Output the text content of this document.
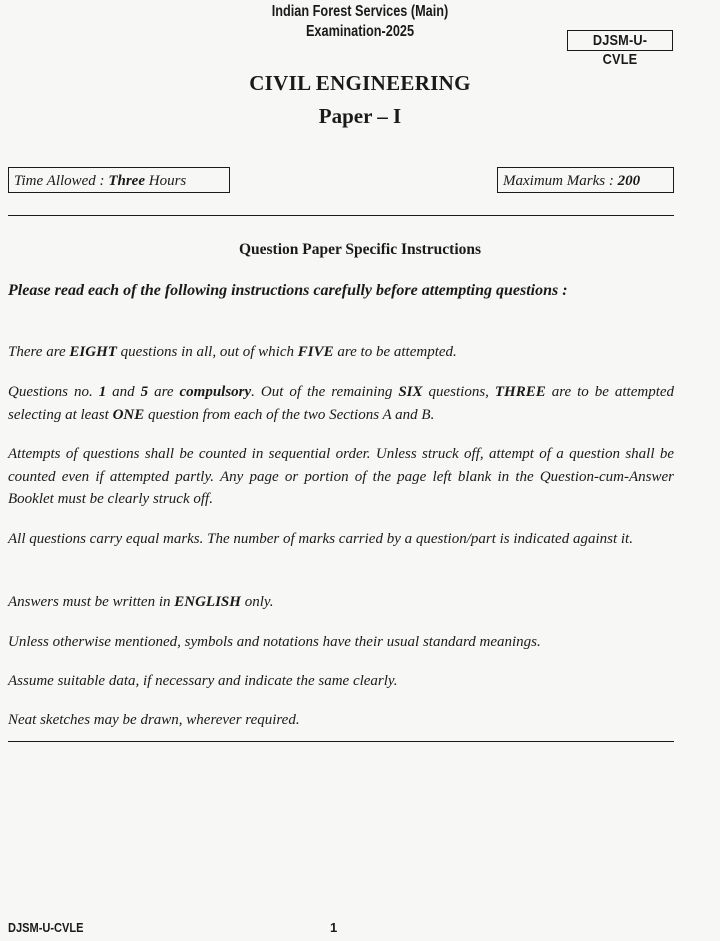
Indian Forest Services (Main)
Examination-2025
DJSM-U-CVLE
CIVIL ENGINEERING
Paper – I
Time Allowed : Three Hours	Maximum Marks : 200
Question Paper Specific Instructions
Please read each of the following instructions carefully before attempting questions :
There are EIGHT questions in all, out of which FIVE are to be attempted.
Questions no. 1 and 5 are compulsory. Out of the remaining SIX questions, THREE are to be attempted selecting at least ONE question from each of the two Sections A and B.
Attempts of questions shall be counted in sequential order. Unless struck off, attempt of a question shall be counted even if attempted partly. Any page or portion of the page left blank in the Question-cum-Answer Booklet must be clearly struck off.
All questions carry equal marks. The number of marks carried by a question/part is indicated against it.
Answers must be written in ENGLISH only.
Unless otherwise mentioned, symbols and notations have their usual standard meanings.
Assume suitable data, if necessary and indicate the same clearly.
Neat sketches may be drawn, wherever required.
DJSM-U-CVLE	1
